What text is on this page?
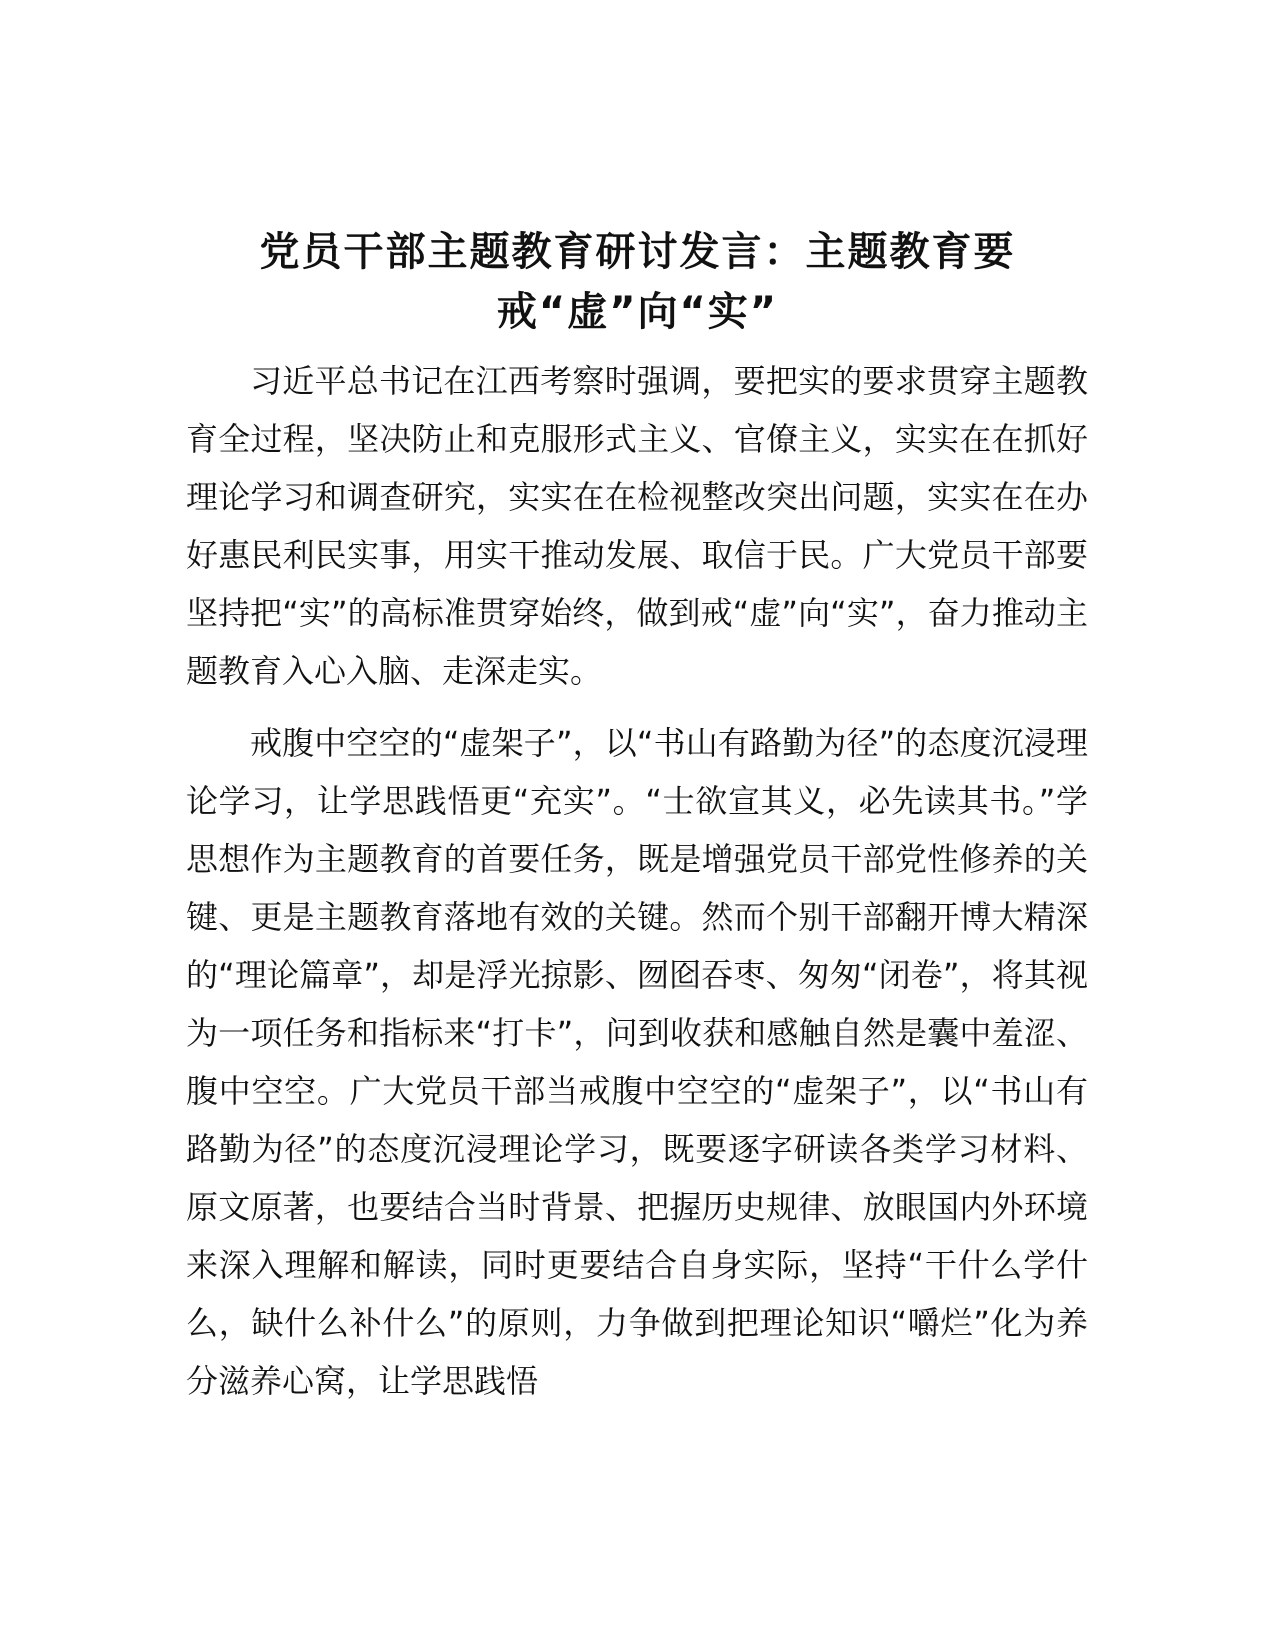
党员干部主题教育研讨发言：主题教育要
戒“虚”向“实”

习近平总书记在江西考察时强调，要把实的要求贯穿主题教育全过程，坚决防止和克服形式主义、官僚主义，实实在在抓好理论学习和调查研究，实实在在检视整改突出问题，实实在在办好惠民利民实事，用实干推动发展、取信于民。广大党员干部要坚持把“实”的高标准贯穿始终，做到戒“虚”向“实”，奋力推动主题教育入心入脑、走深走实。

戒腹中空空的“虚架子”，以“书山有路勤为径”的态度沉浸理论学习，让学思践悟更“充实”。“士欲宣其义，必先读其书。”学思想作为主题教育的首要任务，既是增强党员干部党性修养的关键、更是主题教育落地有效的关键。然而个别干部翻开博大精深的“理论篇章”，却是浮光掠影、囫囵吞枣、匆匆“闭卷”，将其视为一项任务和指标来“打卡”，问到收获和感触自然是囊中羞涩、腹中空空。广大党员干部当戒腹中空空的“虚架子”，以“书山有路勤为径”的态度沉浸理论学习，既要逐字研读各类学习材料、原文原著，也要结合当时背景、把握历史规律、放眼国内外环境来深入理解和解读，同时更要结合自身实际，坚持“干什么学什么，缺什么补什么”的原则，力争做到把理论知识“嚼烂”化为养分滋养心窝，让学思践悟
